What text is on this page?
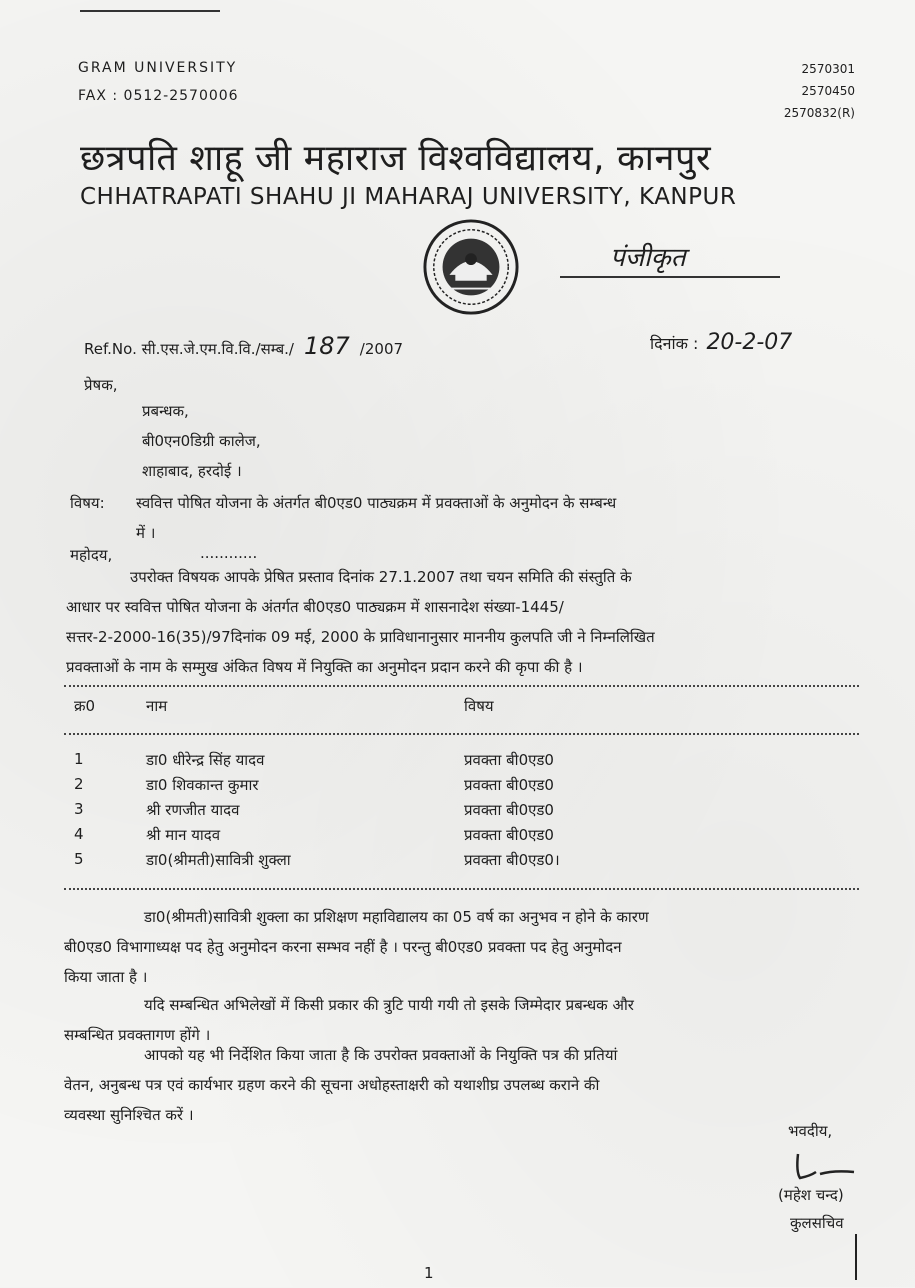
GRAM UNIVERSITY
FAX : 0512-2570006
2570301
2570450
2570832(R)
छत्रपति शाहू जी महाराज विश्वविद्यालय, कानपुर
CHHATRAPATI SHAHU JI MAHARAJ UNIVERSITY, KANPUR
पंजीकृत
Ref.No. सी.एस.जे.एम.वि.वि./सम्ब./ 187 /2007	दिनांक : 20-2-07
प्रेषक,
प्रबन्धक,
बी0एन0डिग्री कालेज,
शाहाबाद, हरदोई ।
विषय: स्ववित्त पोषित योजना के अंतर्गत बी0एड0 पाठ्यक्रम में प्रवक्ताओं के अनुमोदन के सम्बन्ध
में ।
महोदय,	............
उपरोक्त विषयक आपके प्रेषित प्रस्ताव दिनांक 27.1.2007 तथा चयन समिति की संस्तुति के
आधार पर स्ववित्त पोषित योजना के अंतर्गत बी0एड0 पाठ्यक्रम में शासनादेश संख्या-1445/
सत्तर-2-2000-16(35)/97दिनांक 09 मई, 2000 के प्राविधानानुसार माननीय कुलपति जी ने निम्नलिखित
प्रवक्ताओं के नाम के सम्मुख अंकित विषय में नियुक्ति का अनुमोदन प्रदान करने की कृपा की है ।
क्र0	नाम	विषय
1	डा0 धीरेन्द्र सिंह यादव	प्रवक्ता बी0एड0
2	डा0 शिवकान्त कुमार	प्रवक्ता बी0एड0
3	श्री रणजीत यादव	प्रवक्ता बी0एड0
4	श्री मान यादव	प्रवक्ता बी0एड0
5	डा0(श्रीमती)सावित्री शुक्ला	प्रवक्ता बी0एड0।
डा0(श्रीमती)सावित्री शुक्ला का प्रशिक्षण महाविद्यालय का 05 वर्ष का अनुभव न होने के कारण
बी0एड0 विभागाध्यक्ष पद हेतु अनुमोदन करना सम्भव नहीं है । परन्तु बी0एड0 प्रवक्ता पद हेतु अनुमोदन
किया जाता है ।
यदि सम्बन्धित अभिलेखों में किसी प्रकार की त्रुटि पायी गयी तो इसके जिम्मेदार प्रबन्धक और
सम्बन्धित प्रवक्तागण होंगे ।
आपको यह भी निर्देशित किया जाता है कि उपरोक्त प्रवक्ताओं के नियुक्ति पत्र की प्रतियां
वेतन, अनुबन्ध पत्र एवं कार्यभार ग्रहण करने की सूचना अधोहस्ताक्षरी को यथाशीघ्र उपलब्ध कराने की
व्यवस्था सुनिश्चित करें ।
भवदीय,
(महेश चन्द)
कुलसचिव
1
